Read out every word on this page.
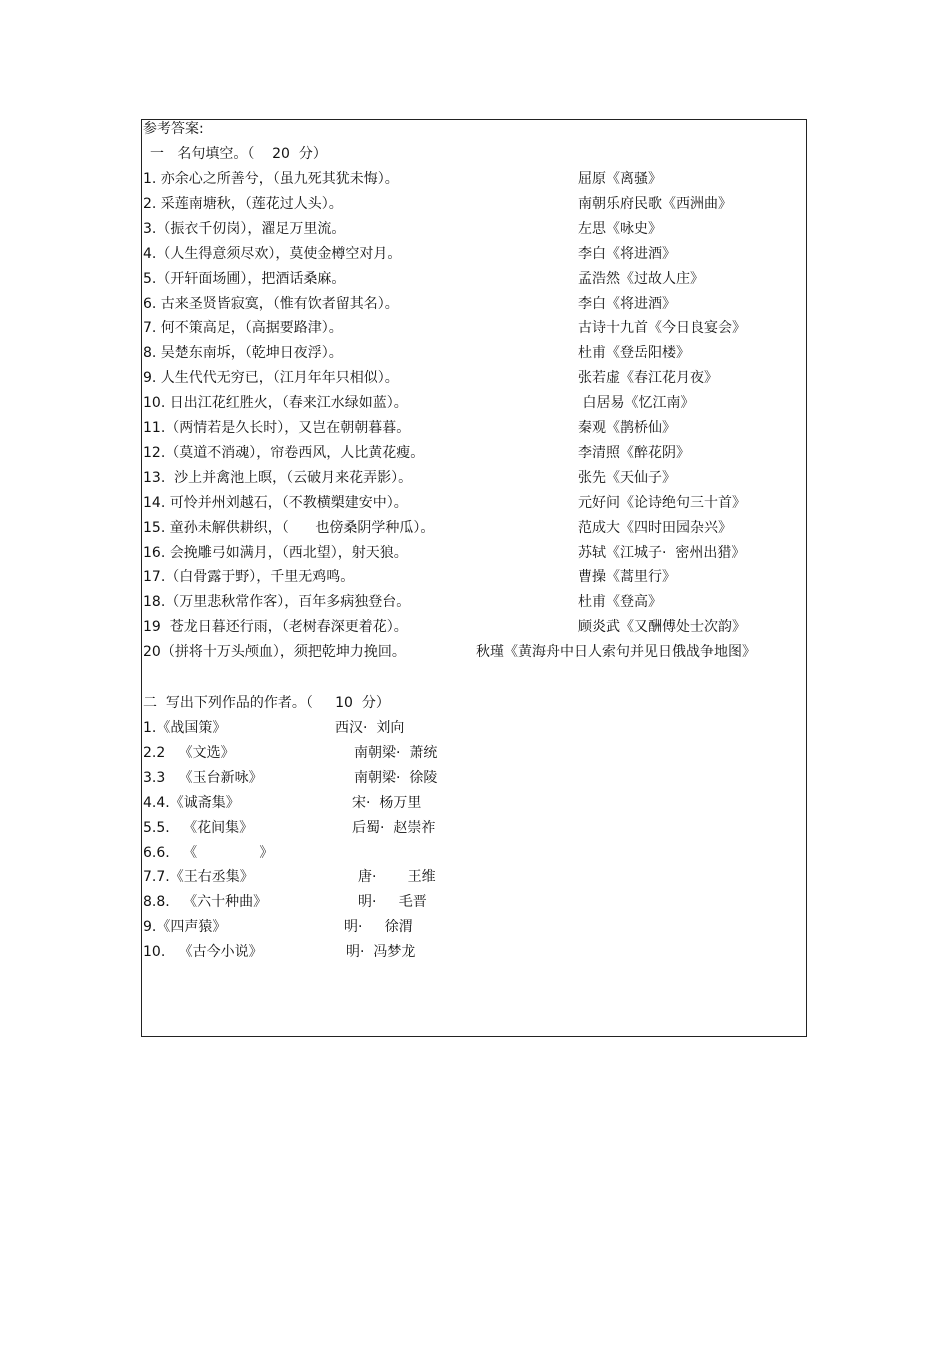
参考答案:
一   名句填空。（    20  分）
1. 亦余心之所善兮，（虽九死其犹未悔）。	屈原《离骚》
2. 采莲南塘秋，（莲花过人头）。	南朝乐府民歌《西洲曲》
3.（振衣千仞岗），濯足万里流。	左思《咏史》
4.（人生得意须尽欢），莫使金樽空对月。	李白《将进酒》
5.（开轩面场圃），把酒话桑麻。	孟浩然《过故人庄》
6. 古来圣贤皆寂寞，（惟有饮者留其名）。	李白《将进酒》
7. 何不策高足，（高据要路津）。	古诗十九首《今日良宴会》
8. 吴楚东南坼，（乾坤日夜浮）。	杜甫《登岳阳楼》
9. 人生代代无穷已，（江月年年只相似）。	张若虚《春江花月夜》
10. 日出江花红胜火，（春来江水绿如蓝）。	白居易《忆江南》
11.（两情若是久长时），又岂在朝朝暮暮。	秦观《鹊桥仙》
12.（莫道不消魂），帘卷西风，人比黄花瘦。	李清照《醉花阴》
13.  沙上并禽池上暝，（云破月来花弄影）。	张先《天仙子》
14. 可怜并州刘越石，（不教横槊建安中）。	元好问《论诗绝句三十首》
15. 童孙未解供耕织，（      也傍桑阴学种瓜）。	范成大《四时田园杂兴》
16. 会挽雕弓如满月，（西北望），射天狼。	苏轼《江城子·  密州出猎》
17.（白骨露于野），千里无鸡鸣。	曹操《蒿里行》
18.（万里悲秋常作客），百年多病独登台。	杜甫《登高》
19  苍龙日暮还行雨，（老树春深更着花）。	顾炎武《又酬傅处士次韵》
20（拼将十万头颅血），须把乾坤力挽回。	秋瑾《黄海舟中日人索句并见日俄战争地图》
二  写出下列作品的作者。（     10  分）
1.《战国策》	西汉·  刘向
2.2   《文选》	南朝梁·  萧统
3.3   《玉台新咏》	南朝梁·  徐陵
4.4.《诚斋集》	宋·  杨万里
5.5.   《花间集》	后蜀·  赵崇祚
6.6.   《              》
7.7.《王右丞集》	唐·       王维
8.8.   《六十种曲》	明·     毛晋
9.《四声猿》	明·     徐渭
10.   《古今小说》	明·  冯梦龙
